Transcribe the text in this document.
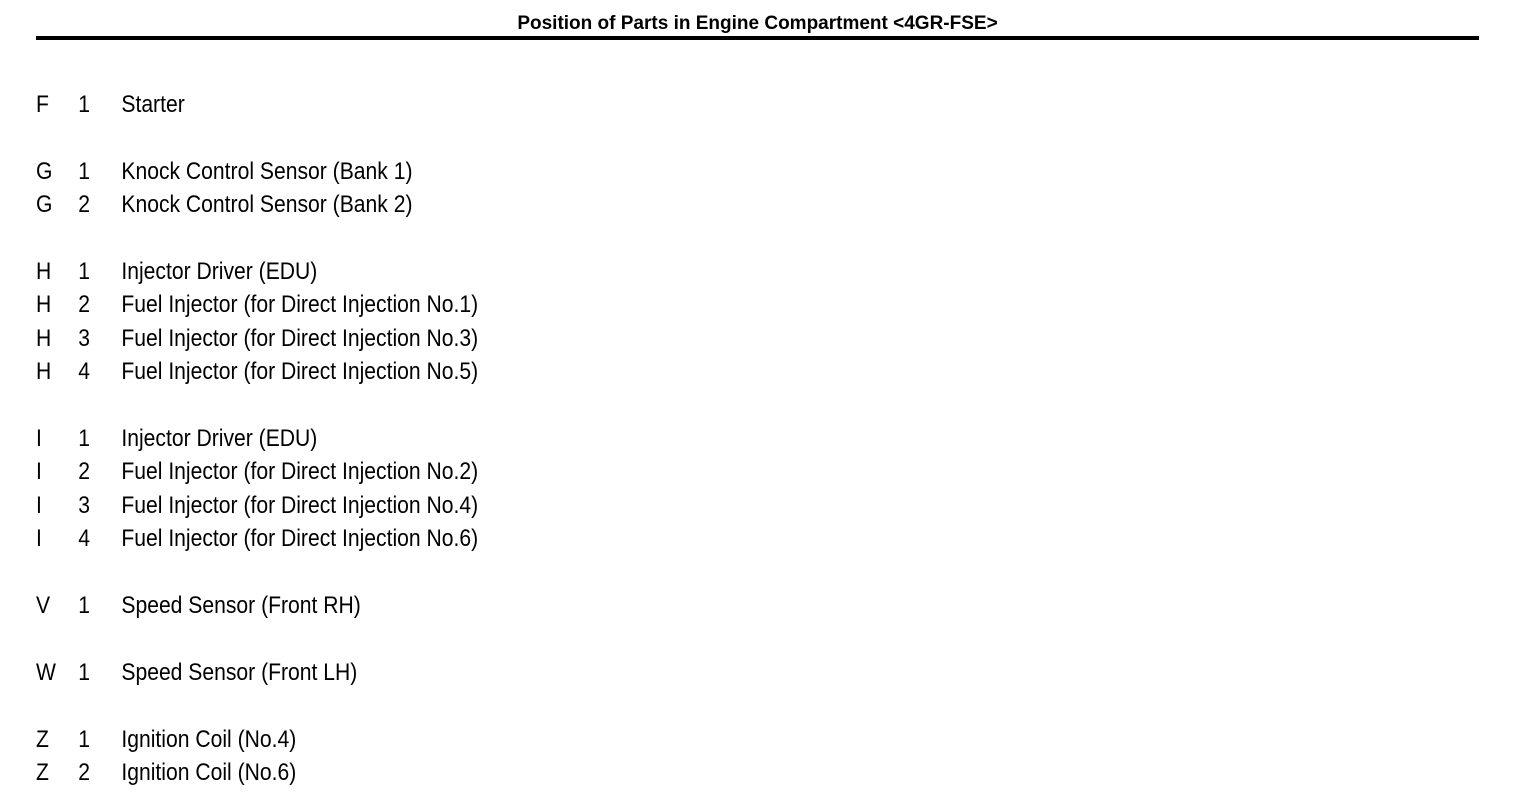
Position of Parts in Engine Compartment <4GR-FSE>
F	1	Starter
G	1	Knock Control Sensor (Bank 1)
G	2	Knock Control Sensor (Bank 2)
H	1	Injector Driver (EDU)
H	2	Fuel Injector (for Direct Injection No.1)
H	3	Fuel Injector (for Direct Injection No.3)
H	4	Fuel Injector (for Direct Injection No.5)
I	1	Injector Driver (EDU)
I	2	Fuel Injector (for Direct Injection No.2)
I	3	Fuel Injector (for Direct Injection No.4)
I	4	Fuel Injector (for Direct Injection No.6)
V	1	Speed Sensor (Front RH)
W 1	Speed Sensor (Front LH)
Z	1	Ignition Coil (No.4)
Z	2	Ignition Coil (No.6)
